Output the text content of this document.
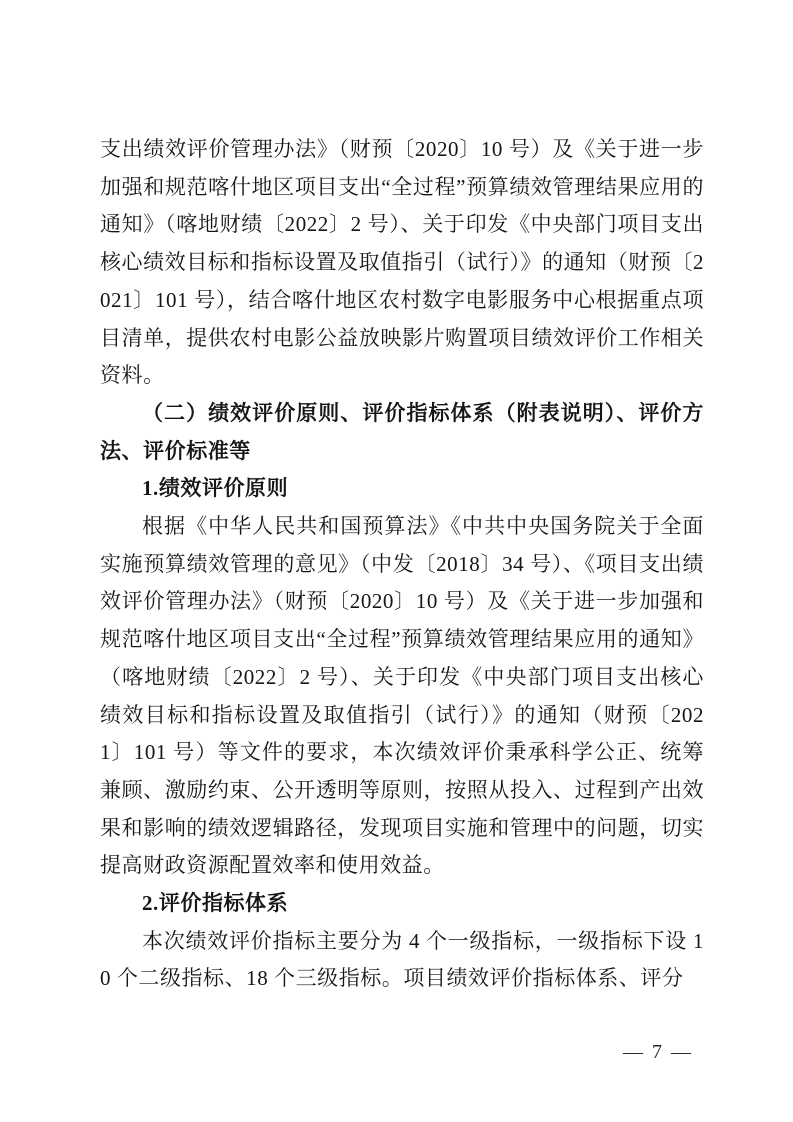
支出绩效评价管理办法》（财预〔2020〕10 号）及《关于进一步加强和规范喀什地区项目支出“全过程”预算绩效管理结果应用的通知》（喀地财绩〔2022〕2 号）、关于印发《中央部门项目支出核心绩效目标和指标设置及取值指引（试行）》的通知（财预〔2021〕101 号），结合喀什地区农村数字电影服务中心根据重点项目清单，提供农村电影公益放映影片购置项目绩效评价工作相关资料。

（二）绩效评价原则、评价指标体系（附表说明）、评价方法、评价标准等

1.绩效评价原则

根据《中华人民共和国预算法》《中共中央国务院关于全面实施预算绩效管理的意见》（中发〔2018〕34 号）、《项目支出绩效评价管理办法》（财预〔2020〕10 号）及《关于进一步加强和规范喀什地区项目支出“全过程”预算绩效管理结果应用的通知》（喀地财绩〔2022〕2 号）、关于印发《中央部门项目支出核心绩效目标和指标设置及取值指引（试行）》的通知（财预〔2021〕101 号）等文件的要求，本次绩效评价秉承科学公正、统筹兼顾、激励约束、公开透明等原则，按照从投入、过程到产出效果和影响的绩效逻辑路径，发现项目实施和管理中的问题，切实提高财政资源配置效率和使用效益。

2.评价指标体系

本次绩效评价指标主要分为 4 个一级指标，一级指标下设 10 个二级指标、18 个三级指标。项目绩效评价指标体系、评分

— 7 —
